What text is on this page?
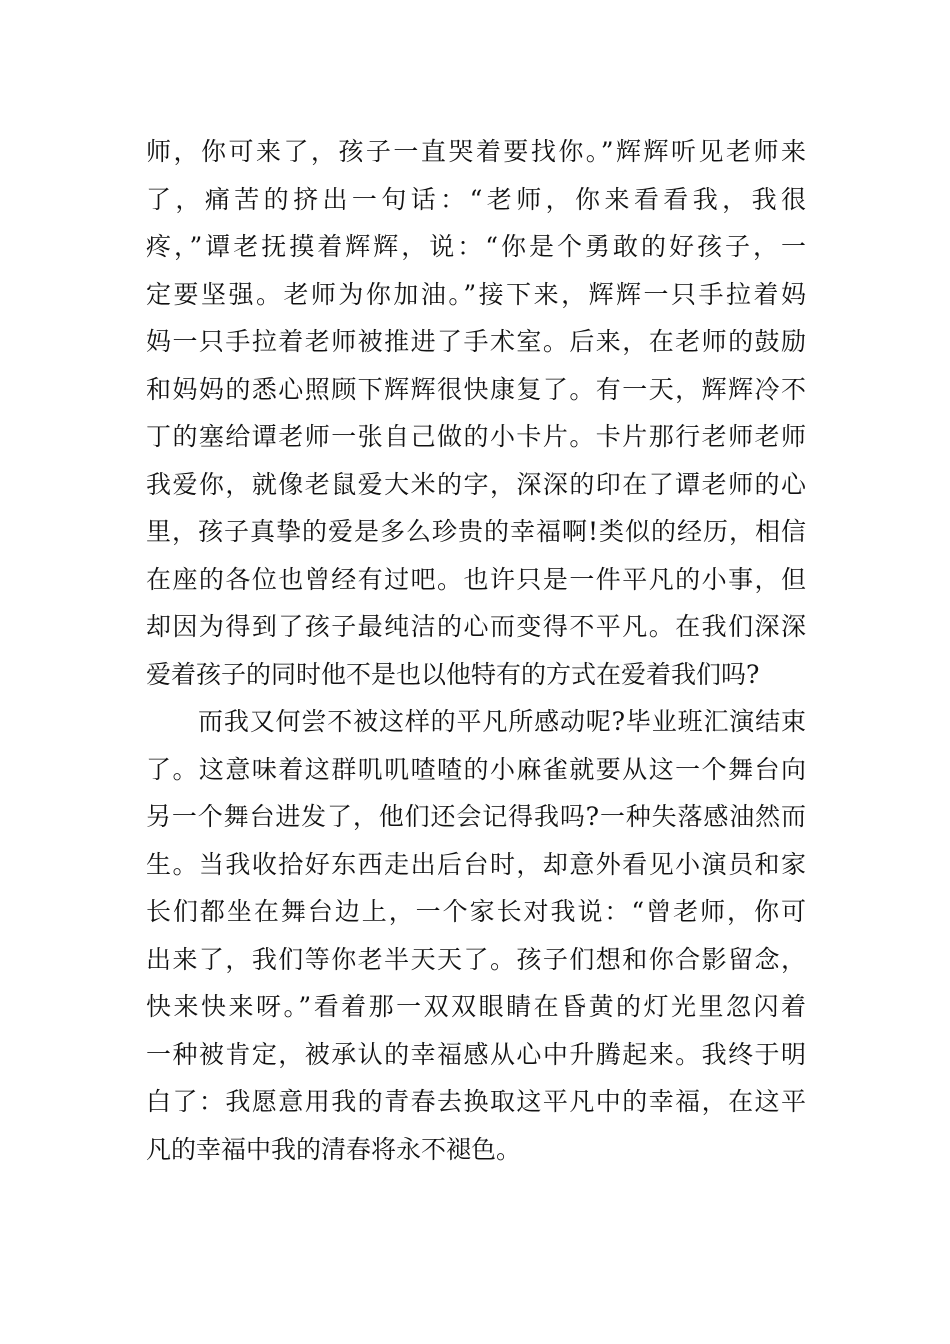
师，你可来了，孩子一直哭着要找你。”辉辉听见老师来
了，痛苦的挤出一句话：“老师，你来看看我，我很
疼，”谭老抚摸着辉辉，说：“你是个勇敢的好孩子，一
定要坚强。老师为你加油。”接下来，辉辉一只手拉着妈
妈一只手拉着老师被推进了手术室。后来，在老师的鼓励
和妈妈的悉心照顾下辉辉很快康复了。有一天，辉辉冷不
丁的塞给谭老师一张自己做的小卡片。卡片那行老师老师
我爱你，就像老鼠爱大米的字，深深的印在了谭老师的心
里，孩子真挚的爱是多么珍贵的幸福啊!类似的经历，相信
在座的各位也曾经有过吧。也许只是一件平凡的小事，但
却因为得到了孩子最纯洁的心而变得不平凡。在我们深深
爱着孩子的同时他不是也以他特有的方式在爱着我们吗?
而我又何尝不被这样的平凡所感动呢?毕业班汇演结束
了。这意味着这群叽叽喳喳的小麻雀就要从这一个舞台向
另一个舞台进发了，他们还会记得我吗?一种失落感油然而
生。当我收拾好东西走出后台时，却意外看见小演员和家
长们都坐在舞台边上，一个家长对我说：“曾老师，你可
出来了，我们等你老半天天了。孩子们想和你合影留念，
快来快来呀。”看着那一双双眼睛在昏黄的灯光里忽闪着
一种被肯定，被承认的幸福感从心中升腾起来。我终于明
白了：我愿意用我的青春去换取这平凡中的幸福，在这平
凡的幸福中我的清春将永不褪色。
